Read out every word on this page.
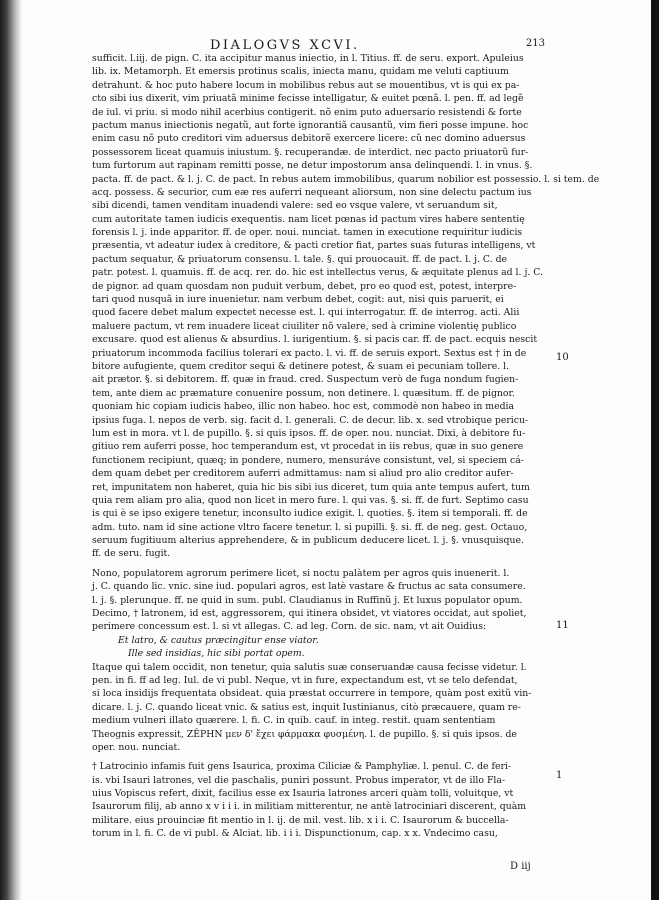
DIALOGVS XCVI.	213
sufficit. l.iij. de pign. C. ita accipitur manus iniectio, in l. Titius. ff. de seru. export. Apuleius
lib. ix. Metamorph. Et emersis protinus scalis, iniecta manu, quidam me veluti captiuum
detrahunt. & hoc puto habere locum in mobilibus rebus aut se mouentibus, vt is qui ex pa-
cto sibi ius dixerit, vim priuatã minime fecisse intelligatur, & euitet pœnã. l. pen. ff. ad legẽ
de iul. vi priu. si modo nihil acerbius contigerit. nõ enim puto aduersario resistendi & forte
pactum manus iniectionis negatũ, aut forte ignorantiã causantũ, vim fieri posse impune. hoc
enim casu nõ puto creditori vim aduersus debitorẽ exercere licere: cũ nec domino aduersus
possessorem liceat quamuis iniustum. §. recuperandæ. de interdict. nec pacto priuatorũ fur-
tum furtorum aut rapinam remitti posse, ne detur impostorum ansa delinquendi. l. in vnus. §.
pacta. ff. de pact. & l. j. C. de pact. In rebus autem immobilibus, quarum nobilior est possessio. l. si tem. de
acq. possess. & securior, cum eæ res auferri nequeant aliorsum, non sine delectu pactum ius
sibi dicendi, tamen venditam inuadendi valere: sed eo vsque valere, vt seruandum sit,
cum autoritate tamen iudicis exequentis. nam licet pœnas id pactum vires habere sententię
forensis l. j. inde apparitor. ff. de oper. noui. nunciat. tamen in executione requiritur iudicis
præsentia, vt adeatur iudex à creditore, & pacti cretior fiat, partes suas futuras intelligens, vt
pactum sequatur, & priuatorum consensu. l. tale. §. qui prouocauit. ff. de pact. l. j. C. de
patr. potest. l. quamuis. ff. de acq. rer. do. hic est intellectus verus, & æquitate plenus ad l. j. C.
de pignor. ad quam quosdam non puduit verbum, debet, pro eo quod est, potest, interpre-
tari quod nusquã in iure inuenietur. nam verbum debet, cogit: aut, nisi quis paruerit, ei
quod facere debet malum expectet necesse est. l. qui interrogatur. ff. de interrog. acti. Alii
maluere pactum, vt rem inuadere liceat ciuiliter nõ valere, sed à crimine violentię publico
excusare. quod est alienus & absurdius. l. iurigentium. §. si pacis car. ff. de pact. ecquis nescit
priuatorum incommoda facilius tolerari ex pacto. l. vi. ff. de seruis export. Sextus est † in de
bitore aufugiente, quem creditor sequi & detinere potest, & suam ei pecuniam tollere. l.
ait prætor. §. si debitorem. ff. quæ in fraud. cred. Suspectum verò de fuga nondum fugien-
tem, ante diem ac præmature conuenire possum, non detinere. l. quæsitum. ff. de pignor.
quoniam hic copiam iudicis habeo, illic non habeo. hoc est, commodè non habeo in media
ipsius fuga. l. nepos de verb. sig. facit d. l. generali. C. de decur. lib. x. sed vtrobique pericu-
lum est in mora. vt l. de pupillo. §. si quis ipsos. ff. de oper. nou. nunciat. Dixi, à debitore fu-
gitiuo rem auferri posse, hoc temperandum est, vt procedat in iis rebus, quæ in suo genere
functionem recipiunt, quæq; in pondere, numero, mensuráve consistunt, vel, si speciem cá-
dem quam debet per creditorem auferri admittamus: nam si aliud pro alio creditor aufer-
ret, impunitatem non haberet, quia hic bis sibi ius diceret, tum quia ante tempus aufert, tum
quia rem aliam pro alia, quod non licet in mero fure. l. qui vas. §. si. ff. de furt. Septimo casu
is qui è se ipso exigere tenetur, inconsulto iudice exigit. l. quoties. §. item si temporali. ff. de
adm. tuto. nam id sine actione vltro facere tenetur. l. si pupilli. §. si. ff. de neg. gest. Octauo,
seruum fugitiuum alterius apprehendere, & in publicum deducere licet. l. j. §. vnusquisque.
ff. de seru. fugit.
Nono, populatorem agrorum perimere licet, si noctu palàtem per agros quis inuenerit. l.
j. C. quando lic. vnic. sine iud. populari agros, est latè vastare & fructus ac sata consumere.
l. j. §. plerunque. ff. ne quid in sum. publ. Claudianus in Ruffinũ j. Et luxus populator opum.
Decimo, † latronem, id est, aggressorem, qui itinera obsidet, vt viatores occidat, aut spoliet,
perimere concessum est. l. si vt allegas. C. ad leg. Corn. de sic. nam, vt ait Ouidius:
Et latro, & cautus præcingitur ense viator.
Ille sed insidias, hic sibi portat opem.
Itaque qui talem occidit, non tenetur, quia salutis suæ conseruandæ causa fecisse videtur. l.
pen. in fi. ff ad leg. Iul. de vi publ. Neque, vt in fure, expectandum est, vt se telo defendat,
si loca insidijs frequentata obsideat. quia præstat occurrere in tempore, quàm post exitũ vin-
dicare. l. j. C. quando liceat vnic. & satius est, inquit Iustinianus, citò præcauere, quam re-
medium vulneri illato quærere. l. fi. C. in quib. cauf. in integ. restit. quam sententiam
Theognis expressit, ZÊPHN μεν δ' ἔχει φάρμακα φυσμένη. l. de pupillo. §. si quis ipsos. de
oper. nou. nunciat.
† Latrocinio infamis fuit gens Isaurica, proxima Ciliciæ & Pamphyliæ. l. penul. C. de feri-
is. vbi Isauri latrones, vel die paschalis, puniri possunt. Probus imperator, vt de illo Fla-
uius Vopiscus refert, dixit, facilius esse ex Isauria latrones arceri quàm tolli, voluitque, vt
Isaurorum filij, ab anno x v i i i. in militiam mitterentur, ne antè latrociniari discerent, quàm
militare. eius prouinciæ fit mentio in l. ij. de mil. vest. lib. x i i. C. Isaurorum & buccella-
torum in l. fi. C. de vi publ. & Alciat. lib. i i i. Dispunctionum, cap. x x. Vndecimo casu,
10
11
1
D iij
